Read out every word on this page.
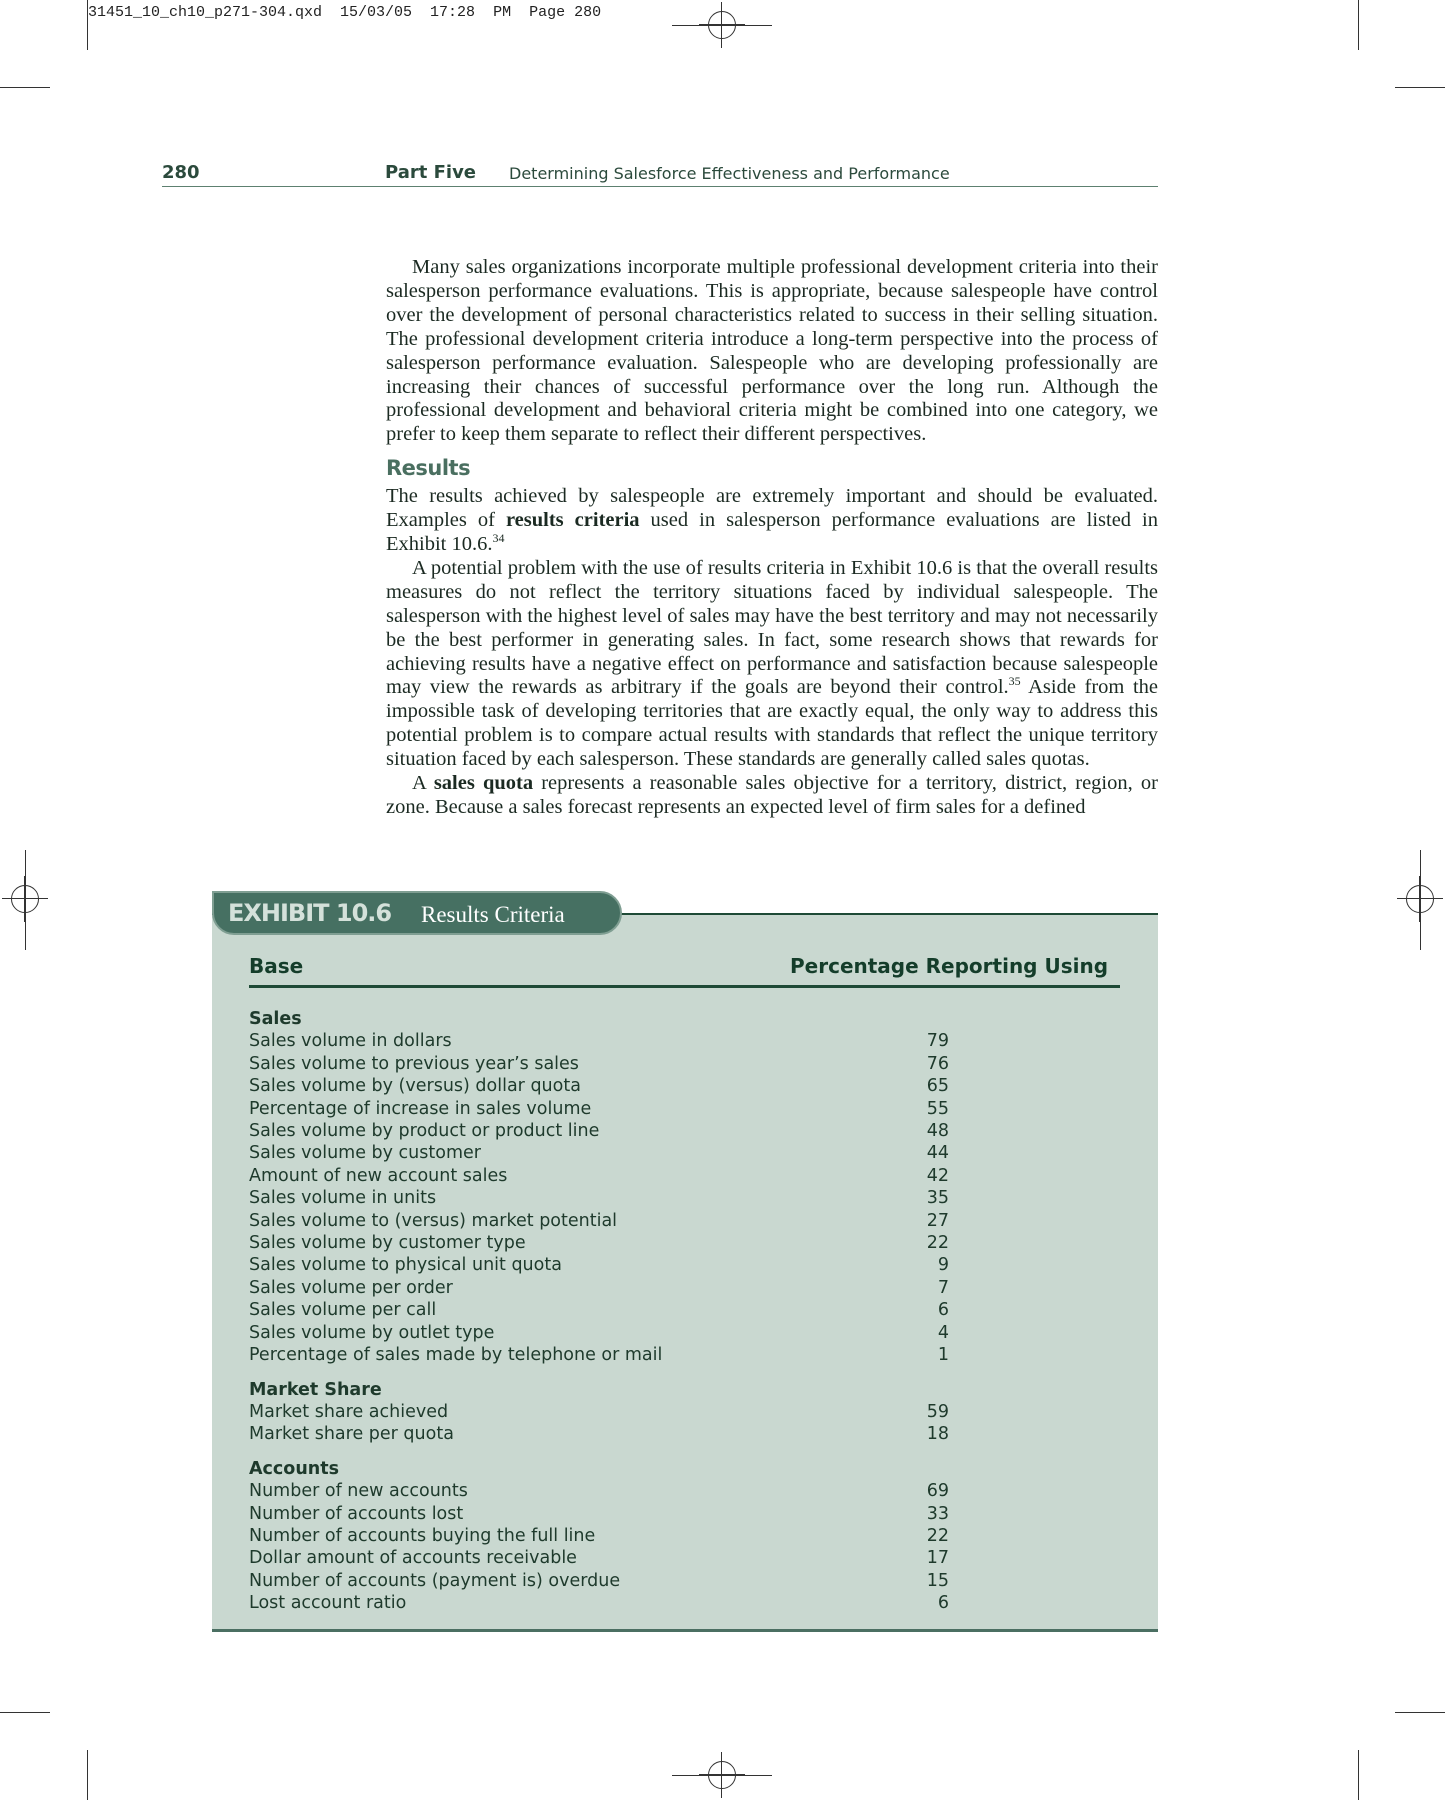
31451_10_ch10_p271-304.qxd  15/03/05  17:28  PM  Page 280
280	Part Five Determining Salesforce Effectiveness and Performance

Many sales organizations incorporate multiple professional development criteria into their salesperson performance evaluations. This is appropriate, because salespeople have control over the development of personal characteristics related to success in their selling situation. The professional development criteria introduce a long-term perspective into the process of salesperson performance evaluation. Salespeople who are developing professionally are increasing their chances of successful performance over the long run. Although the professional development and behavioral criteria might be combined into one category, we prefer to keep them separate to reflect their different perspectives.

Results

The results achieved by salespeople are extremely important and should be evaluated. Examples of results criteria used in salesperson performance evaluations are listed in Exhibit 10.6.34

A potential problem with the use of results criteria in Exhibit 10.6 is that the overall results measures do not reflect the territory situations faced by individual salespeople. The salesperson with the highest level of sales may have the best territory and may not necessarily be the best performer in generating sales. In fact, some research shows that rewards for achieving results have a negative effect on performance and satisfaction because salespeople may view the rewards as arbitrary if the goals are beyond their control.$^{35}$ Aside from the impossible task of developing territories that are exactly equal, the only way to address this potential problem is to compare actual results with standards that reflect the unique territory situation faced by each salesperson. These standards are generally called sales quotas.

A sales quota represents a reasonable sales objective for a territory, district, region, or zone. Because a sales forecast represents an expected level of firm sales for a defined

EXHIBIT 10.6 Results Criteria
Base	Percentage Reporting Using
Sales
Sales volume in dollars	79
Sales volume to previous year’s sales	76
Sales volume by (versus) dollar quota	65
Percentage of increase in sales volume	55
Sales volume by product or product line	48
Sales volume by customer	44
Amount of new account sales	42
Sales volume in units	35
Sales volume to (versus) market potential	27
Sales volume by customer type	22
Sales volume to physical unit quota	9
Sales volume per order	7
Sales volume per call	6
Sales volume by outlet type	4
Percentage of sales made by telephone or mail	1
Market Share
Market share achieved	59
Market share per quota	18
Accounts
Number of new accounts	69
Number of accounts lost	33
Number of accounts buying the full line	22
Dollar amount of accounts receivable	17
Number of accounts (payment is) overdue	15
Lost account ratio	6
